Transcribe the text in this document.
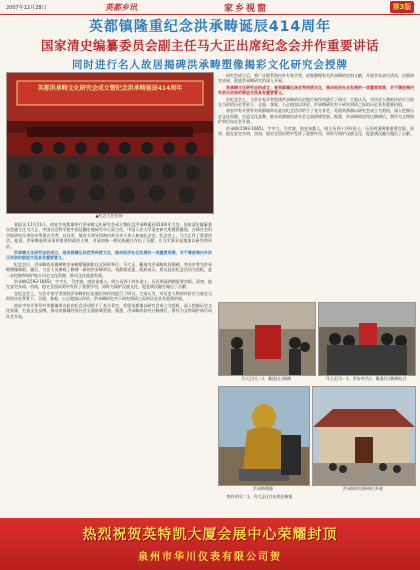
2007年12月28日	英都乡讯	家乡视窗	第3版
英都镇隆重纪念洪承畴诞辰414周年
国家清史编纂委员会副主任马大正出席纪念会并作重要讲话
同时进行名人故居揭碑洪承畴塑像揭彩文化研究会授牌
英都洪承畴文化研究会成立暨纪念洪承畴诞辰414周年
▲纪念大会会场

研究会成立后，将广泛联系海内外专家学者，收集整理有关洪承畴的史料文献，开展学术研讨活动，出版研究成果，促进洪承畴研究的深入开展。

洪承畴文化研究会的成立，是英都镇弘扬优秀传统文化、推动经济社会发展的一项重要举措，对于增进海内外洪氏宗亲的联谊交流具有重要意义。

在纪念会上，与会专家学者围绕洪承畴的历史地位和作用进行了研讨。大家认为，对历史人物的评价应当放在当时的历史背景下，全面、客观、公正地加以评价。洪承畴研究对于研究明清之际的历史具有重要价值。

南安市有关领导对英都镇举办此次纪念活动给予了充分肯定，希望英都镇以研究会成立为契机，深入挖掘历史文化资源，打造文化品牌，推动英都镇经济社会全面协调发展。据悉，洪承畴故居经过修缮后，将作为文物保护单位向社会开放。

洪承畴(1593-1665)，字亨九，号彦演，南安英都人。明万历四十四年进士，历任明清两朝重要官职。清初，他在安定东南、西南，稳定全国局势中发挥了重要作用，同时为保护汉族文化、促进满汉融合做出了贡献。

本报讯 11月11日，南安市英都镇举行洪承畴文化研究会成立暨纪念洪承畴诞辰414周年大会。国家清史编纂委员会副主任马大正，中国社会科学院中国边疆史地研究中心原主任、中国人民大学清史研究所教授戴逸，吉林社会科学院研究员李治亭等著名学者，以及市、镇有关领导和海内外宗亲千余人参加纪念会。纪念会上，马大正作了重要讲话。他说，洪承畴是明末清初重要的政治人物，对清初统一和民族融合作出了贡献，应当实事求是地加以研究和评价。

洪承畴文化研究会的成立，是英都镇弘扬优秀传统文化、推动经济社会发展的一项重要举措，对于增进海内外洪氏宗亲的联谊交流具有重要意义。

纪念会后，洪承畴故居揭碑和洪承畴塑像揭彩仪式同时举行。马大正、戴逸为洪承畴故居揭碑，李治亭等为洪承畴塑像揭彩。随后，与会人员参观了修缮一新的洪承畴故居。英都镇党委、政府表示，将以此次纪念活动为契机，进一步挖掘和保护地方历史文化资源，推动文化旅游发展。

洪承畴(1593-1665)，字亨九，号彦演，南安英都人。明万历四十四年进士，历任明清两朝重要官职。清初，他在安定东南、西南，稳定全国局势中发挥了重要作用，同时为保护汉族文化、促进满汉融合做出了贡献。

在纪念会上，与会专家学者围绕洪承畴的历史地位和作用进行了研讨。大家认为，对历史人物的评价应当放在当时的历史背景下，全面、客观、公正地加以评价。洪承畴研究对于研究明清之际的历史具有重要价值。

南安市有关领导对英都镇举办此次纪念活动给予了充分肯定，希望英都镇以研究会成立为契机，深入挖掘历史文化资源，打造文化品牌，推动英都镇经济社会全面协调发展。据悉，洪承畴故居经过修缮后，将作为文物保护单位向社会开放。

马大正(左二)、戴逸(左)揭碑	马大正(右一)、李治亭(左)、戴逸(右)揭碑仪式
洪承畴塑像	洪承畴故居修缮后外观

李治亭(左二)、马大正(右)在故居参观

热烈祝贺英特凯大厦会展中心荣耀封顶
泉州市华川仪表有限公司贺
